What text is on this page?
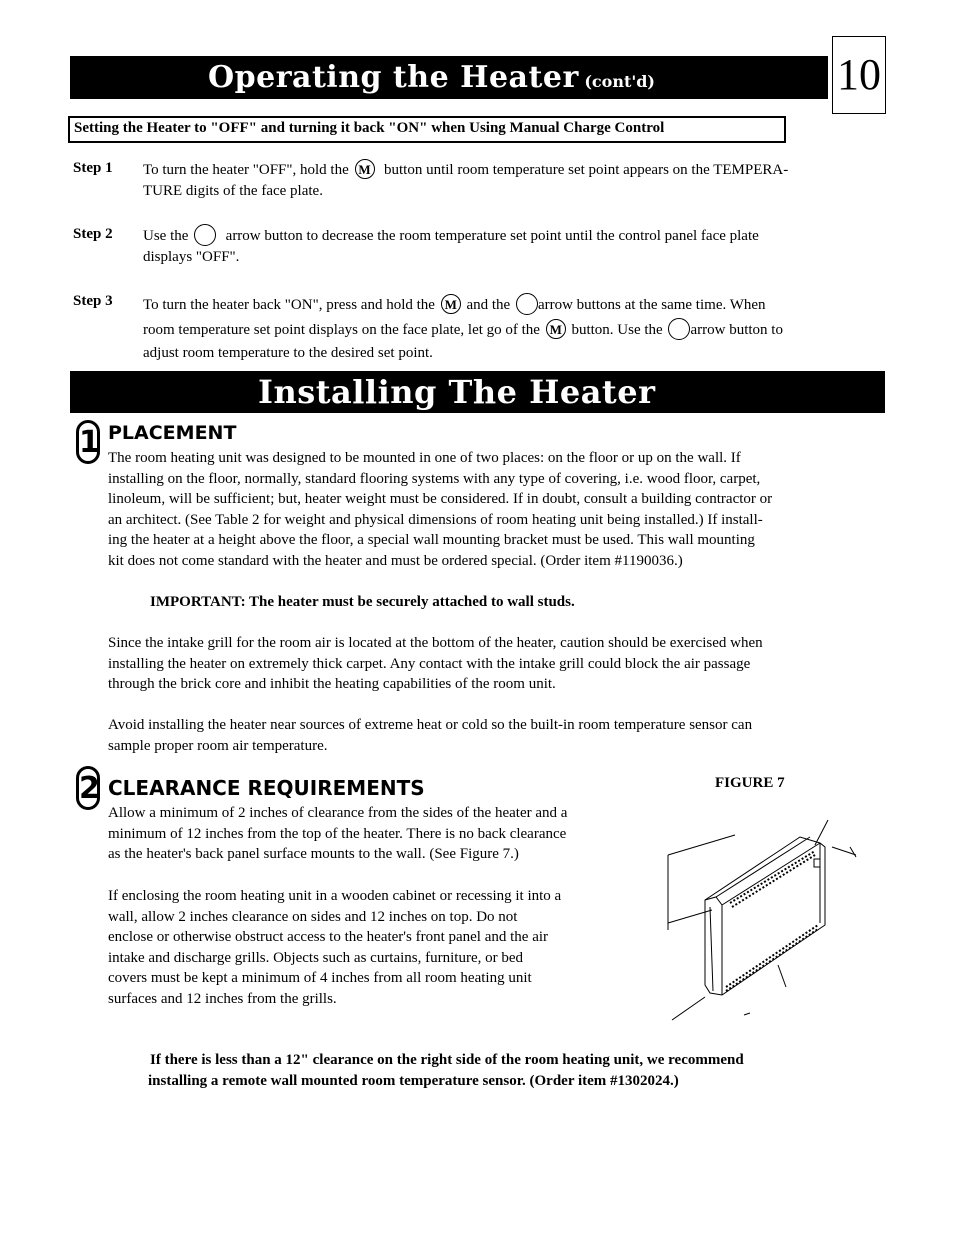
Operating the Heater (cont'd)	10
Setting the Heater to "OFF" and turning it back "ON" when Using Manual Charge Control
Step 1 To turn the heater "OFF", hold the M button until room temperature set point appears on the TEMPERA-

TURE digits of the face plate.

Step 2 Use the arrow button to decrease the room temperature set point until the control panel face plate

displays "OFF".

Step 3 To turn the heater back "ON", press and hold the M and the arrow buttons at the same time. When

room temperature set point displays on the face plate, let go of the M button. Use the arrow button to

adjust room temperature to the desired set point.

Installing The Heater
1 PLACEMENT

The room heating unit was designed to be mounted in one of two places: on the floor or up on the wall. If

installing on the floor, normally, standard flooring systems with any type of covering, i.e. wood floor, carpet,

linoleum, will be sufficient; but, heater weight must be considered. If in doubt, consult a building contractor or

an architect. (See Table 2 for weight and physical dimensions of room heating unit being installed.) If install-

ing the heater at a height above the floor, a special wall mounting bracket must be used. This wall mounting

kit does not come standard with the heater and must be ordered special. (Order item #1190036.)

IMPORTANT: The heater must be securely attached to wall studs.

Since the intake grill for the room air is located at the bottom of the heater, caution should be exercised when

installing the heater on extremely thick carpet. Any contact with the intake grill could block the air passage

through the brick core and inhibit the heating capabilities of the room unit.

Avoid installing the heater near sources of extreme heat or cold so the built-in room temperature sensor can

sample proper room air temperature.

2 CLEARANCE REQUIREMENTS	FIGURE 7

Allow a minimum of 2 inches of clearance from the sides of the heater and a

minimum of 12 inches from the top of the heater. There is no back clearance

as the heater's back panel surface mounts to the wall. (See Figure 7.)

If enclosing the room heating unit in a wooden cabinet or recessing it into a

wall, allow 2 inches clearance on sides and 12 inches on top. Do not

enclose or otherwise obstruct access to the heater's front panel and the air

intake and discharge grills. Objects such as curtains, furniture, or bed

covers must be kept a minimum of 4 inches from all room heating unit

surfaces and 12 inches from the grills.

If there is less than a 12" clearance on the right side of the room heating unit, we recommend

installing a remote wall mounted room temperature sensor. (Order item #1302024.)
